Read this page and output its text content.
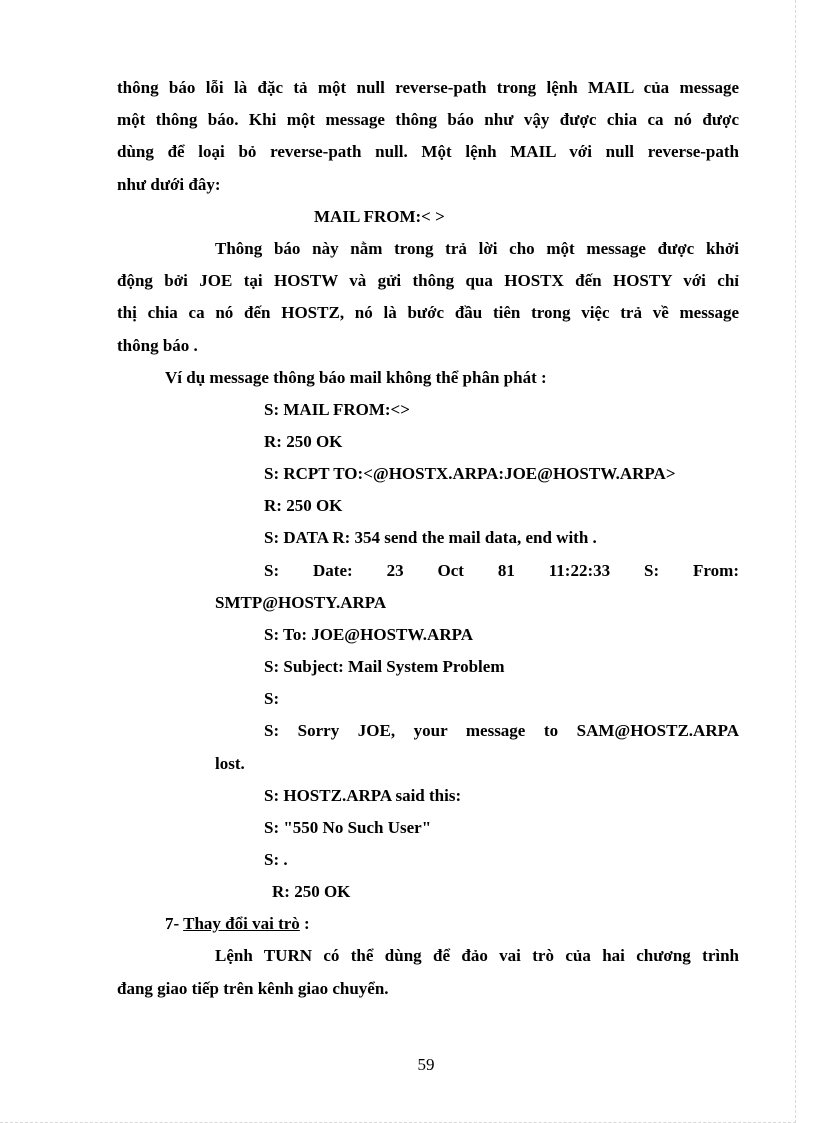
thông báo lỗi là đặc tả một null reverse-path trong lệnh MAIL của message
một thông báo. Khi một message thông báo như vậy được chia ca nó được
dùng để loại bỏ reverse-path null. Một lệnh MAIL với null reverse-path
như dưới đây:
MAIL FROM:< >
Thông báo này nằm trong trả lời cho một message được khởi
động bởi JOE tại HOSTW và gửi thông qua HOSTX đến HOSTY với chỉ
thị chia ca nó đến HOSTZ, nó là bước đầu tiên trong việc trả về message
thông báo .
Ví dụ message thông báo mail không thể phân phát :
S: MAIL FROM:<>
R: 250 OK
S: RCPT TO:<@HOSTX.ARPA:JOE@HOSTW.ARPA>
R: 250 OK
S: DATA R: 354 send the mail data, end with .
S: Date: 23 Oct 81 11:22:33 S: From:
SMTP@HOSTY.ARPA
S: To: JOE@HOSTW.ARPA
S: Subject: Mail System Problem
S:
S: Sorry JOE, your message to SAM@HOSTZ.ARPA
lost.
S: HOSTZ.ARPA said this:
S: "550 No Such User"
S: .
R: 250 OK
7- Thay đổi vai trò :
Lệnh TURN có thể dùng để đảo vai trò của hai chương trình
đang giao tiếp trên kênh giao chuyển.
59
